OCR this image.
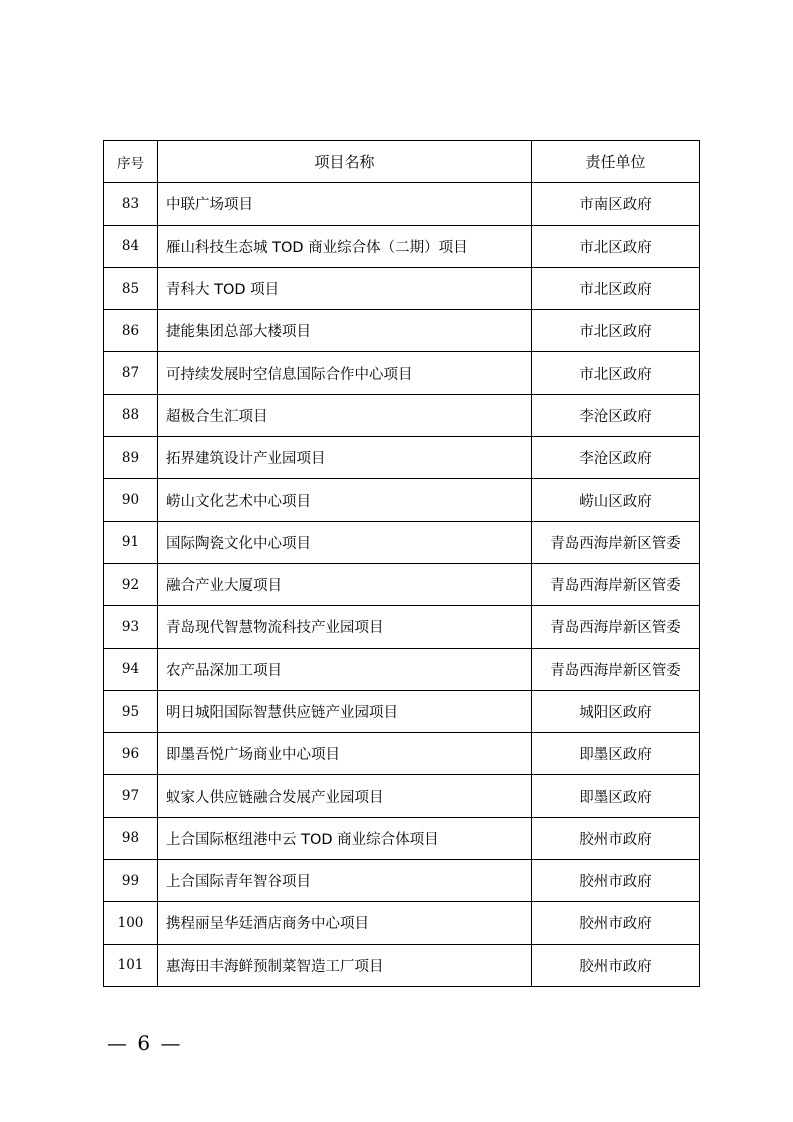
序号	项目名称	责任单位
83	中联广场项目	市南区政府
84	雁山科技生态城 TOD 商业综合体（二期）项目	市北区政府
85	青科大 TOD 项目	市北区政府
86	捷能集团总部大楼项目	市北区政府
87	可持续发展时空信息国际合作中心项目	市北区政府
88	超极合生汇项目	李沧区政府
89	拓界建筑设计产业园项目	李沧区政府
90	崂山文化艺术中心项目	崂山区政府
91	国际陶瓷文化中心项目	青岛西海岸新区管委
92	融合产业大厦项目	青岛西海岸新区管委
93	青岛现代智慧物流科技产业园项目	青岛西海岸新区管委
94	农产品深加工项目	青岛西海岸新区管委
95	明日城阳国际智慧供应链产业园项目	城阳区政府
96	即墨吾悦广场商业中心项目	即墨区政府
97	蚁家人供应链融合发展产业园项目	即墨区政府
98	上合国际枢纽港中云 TOD 商业综合体项目	胶州市政府
99	上合国际青年智谷项目	胶州市政府
100	携程丽呈华廷酒店商务中心项目	胶州市政府
101	惠海田丰海鲜预制菜智造工厂项目	胶州市政府
— 6 —
